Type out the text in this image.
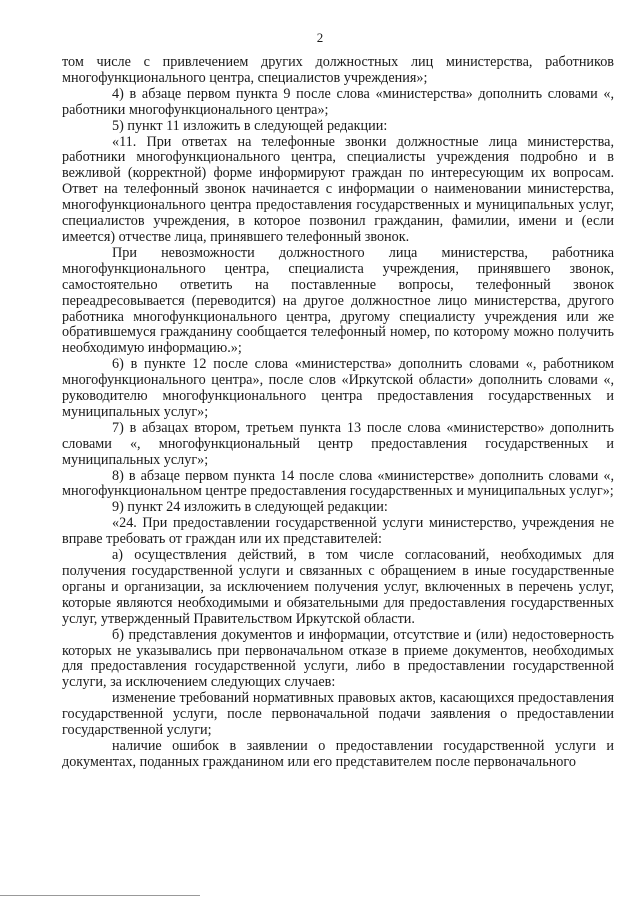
2

том числе с привлечением других должностных лиц министерства, работников многофункционального центра, специалистов учреждения»;

4) в абзаце первом пункта 9 после слова «министерства» дополнить словами «, работники многофункционального центра»;

5) пункт 11 изложить в следующей редакции:

«11. При ответах на телефонные звонки должностные лица министерства, работники многофункционального центра, специалисты учреждения подробно и в вежливой (корректной) форме информируют граждан по интересующим их вопросам. Ответ на телефонный звонок начинается с информации о наименовании министерства, многофункционального центра предоставления государственных и муниципальных услуг, специалистов учреждения, в которое позвонил гражданин, фамилии, имени и (если имеется) отчестве лица, принявшего телефонный звонок.

При невозможности должностного лица министерства, работника многофункционального центра, специалиста учреждения, принявшего звонок, самостоятельно ответить на поставленные вопросы, телефонный звонок переадресовывается (переводится) на другое должностное лицо министерства, другого работника многофункционального центра, другому специалисту учреждения или же обратившемуся гражданину сообщается телефонный номер, по которому можно получить необходимую информацию.»;

6) в пункте 12 после слова «министерства» дополнить словами «, работником многофункционального центра», после слов «Иркутской области» дополнить словами «, руководителю многофункционального центра предоставления государственных и муниципальных услуг»;

7) в абзацах втором, третьем пункта 13 после слова «министерство» дополнить словами «, многофункциональный центр предоставления государственных и муниципальных услуг»;

8) в абзаце первом пункта 14 после слова «министерстве» дополнить словами «, многофункциональном центре предоставления государственных и муниципальных услуг»;

9) пункт 24 изложить в следующей редакции:

«24. При предоставлении государственной услуги министерство, учреждения не вправе требовать от граждан или их представителей:

а) осуществления действий, в том числе согласований, необходимых для получения государственной услуги и связанных с обращением в иные государственные органы и организации, за исключением получения услуг, включенных в перечень услуг, которые являются необходимыми и обязательными для предоставления государственных услуг, утвержденный Правительством Иркутской области.

б) представления документов и информации, отсутствие и (или) недостоверность которых не указывались при первоначальном отказе в приеме документов, необходимых для предоставления государственной услуги, либо в предоставлении государственной услуги, за исключением следующих случаев:

изменение требований нормативных правовых актов, касающихся предоставления государственной услуги, после первоначальной подачи заявления о предоставлении государственной услуги;

наличие ошибок в заявлении о предоставлении государственной услуги и документах, поданных гражданином или его представителем после первоначального
